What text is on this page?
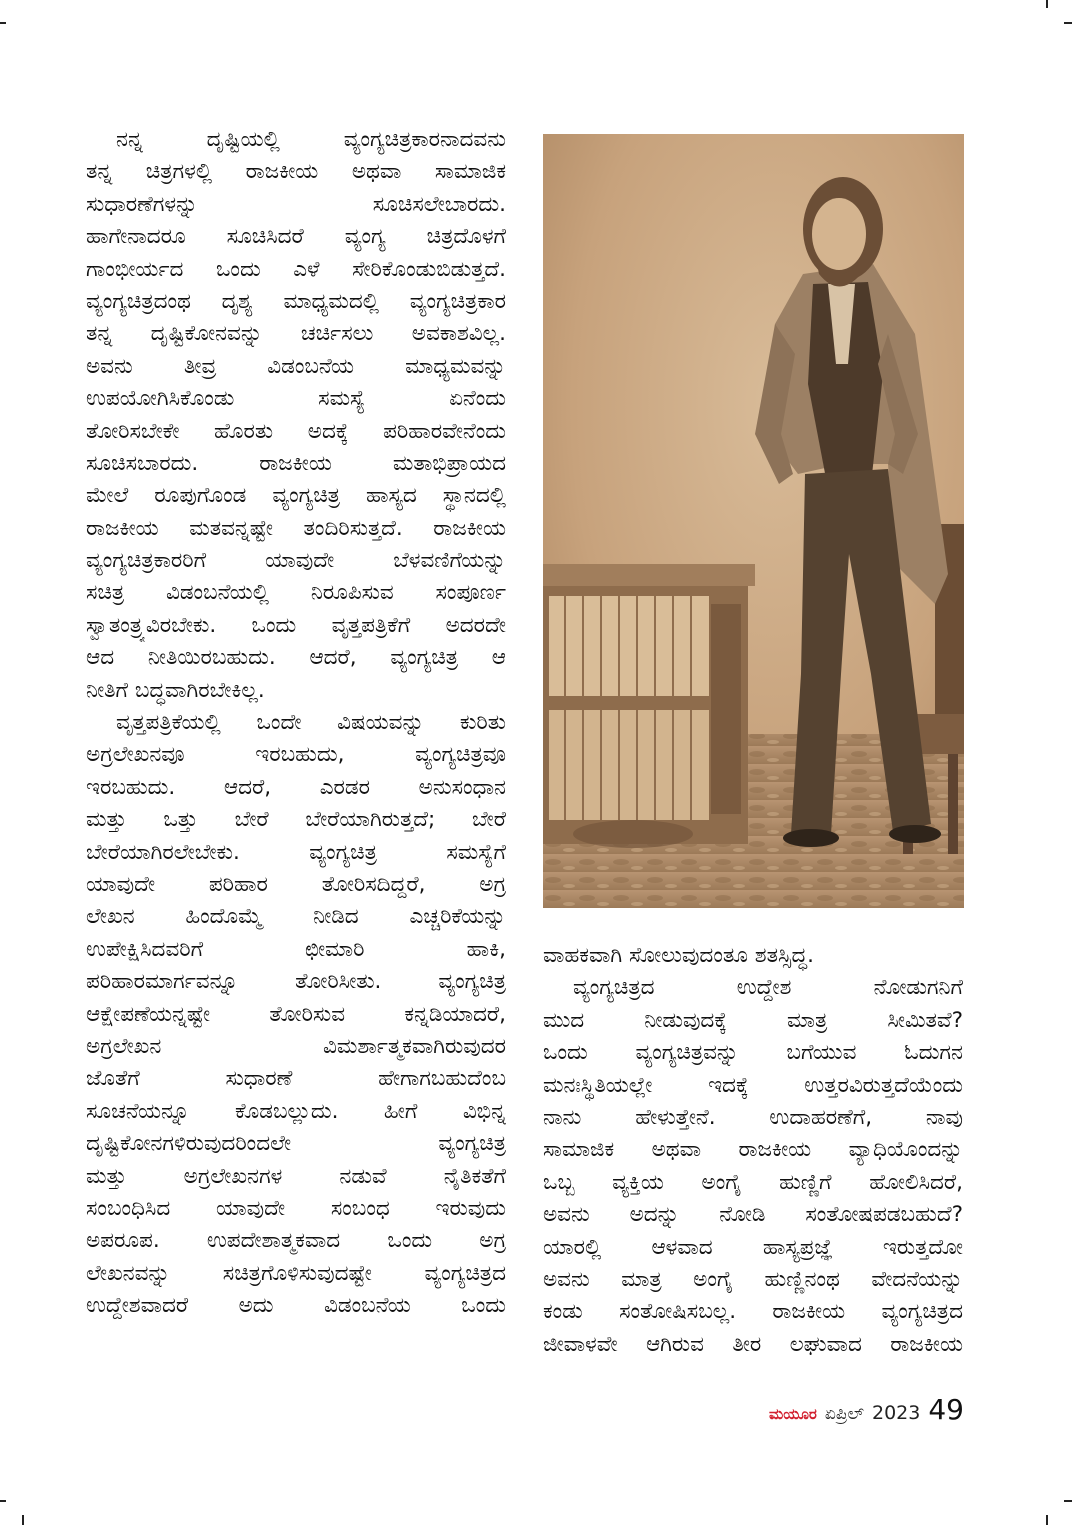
ನನ್ನ ದೃಷ್ಟಿಯಲ್ಲಿ ವ್ಯಂಗ್ಯಚಿತ್ರಕಾರನಾದವನು
ತನ್ನ ಚಿತ್ರಗಳಲ್ಲಿ ರಾಜಕೀಯ ಅಥವಾ ಸಾಮಾಜಿಕ
ಸುಧಾರಣೆಗಳನ್ನು ಸೂಚಿಸಲೇಬಾರದು.
ಹಾಗೇನಾದರೂ ಸೂಚಿಸಿದರೆ ವ್ಯಂಗ್ಯ ಚಿತ್ರದೊಳಗೆ
ಗಾಂಭೀರ್ಯದ ಒಂದು ಎಳೆ ಸೇರಿಕೊಂಡುಬಿಡುತ್ತದೆ.
ವ್ಯಂಗ್ಯಚಿತ್ರದಂಥ ದೃಶ್ಯ ಮಾಧ್ಯಮದಲ್ಲಿ ವ್ಯಂಗ್ಯಚಿತ್ರಕಾರ
ತನ್ನ ದೃಷ್ಟಿಕೋನವನ್ನು ಚರ್ಚಿಸಲು ಅವಕಾಶವಿಲ್ಲ.
ಅವನು ತೀವ್ರ ವಿಡಂಬನೆಯ ಮಾಧ್ಯಮವನ್ನು
ಉಪಯೋಗಿಸಿಕೊಂಡು ಸಮಸ್ಯೆ ಏನೆಂದು
ತೋರಿಸಬೇಕೇ ಹೊರತು ಅದಕ್ಕೆ ಪರಿಹಾರವೇನೆಂದು
ಸೂಚಿಸಬಾರದು. ರಾಜಕೀಯ ಮತಾಭಿಪ್ರಾಯದ
ಮೇಲೆ ರೂಪುಗೊಂಡ ವ್ಯಂಗ್ಯಚಿತ್ರ ಹಾಸ್ಯದ ಸ್ಥಾನದಲ್ಲಿ
ರಾಜಕೀಯ ಮತವನ್ನಷ್ಟೇ ತಂದಿರಿಸುತ್ತದೆ. ರಾಜಕೀಯ
ವ್ಯಂಗ್ಯಚಿತ್ರಕಾರರಿಗೆ ಯಾವುದೇ ಬೆಳವಣಿಗೆಯನ್ನು
ಸಚಿತ್ರ ವಿಡಂಬನೆಯಲ್ಲಿ ನಿರೂಪಿಸುವ ಸಂಪೂರ್ಣ
ಸ್ವಾತಂತ್ರ್ಯವಿರಬೇಕು. ಒಂದು ವೃತ್ತಪತ್ರಿಕೆಗೆ ಅದರದೇ
ಆದ ನೀತಿಯಿರಬಹುದು. ಆದರೆ, ವ್ಯಂಗ್ಯಚಿತ್ರ ಆ
ನೀತಿಗೆ ಬದ್ಧವಾಗಿರಬೇಕಿಲ್ಲ.
ವೃತ್ತಪತ್ರಿಕೆಯಲ್ಲಿ ಒಂದೇ ವಿಷಯವನ್ನು ಕುರಿತು
ಅಗ್ರಲೇಖನವೂ ಇರಬಹುದು, ವ್ಯಂಗ್ಯಚಿತ್ರವೂ
ಇರಬಹುದು. ಆದರೆ, ಎರಡರ ಅನುಸಂಧಾನ
ಮತ್ತು ಒತ್ತು ಬೇರೆ ಬೇರೆಯಾಗಿರುತ್ತದೆ; ಬೇರೆ
ಬೇರೆಯಾಗಿರಲೇಬೇಕು. ವ್ಯಂಗ್ಯಚಿತ್ರ ಸಮಸ್ಯೆಗೆ
ಯಾವುದೇ ಪರಿಹಾರ ತೋರಿಸದಿದ್ದರೆ, ಅಗ್ರ
ಲೇಖನ ಹಿಂದೊಮ್ಮೆ ನೀಡಿದ ಎಚ್ಚರಿಕೆಯನ್ನು
ಉಪೇಕ್ಷಿಸಿದವರಿಗೆ ಛೀಮಾರಿ ಹಾಕಿ,
ಪರಿಹಾರಮಾರ್ಗವನ್ನೂ ತೋರಿಸೀತು. ವ್ಯಂಗ್ಯಚಿತ್ರ
ಆಕ್ಷೇಪಣೆಯನ್ನಷ್ಟೇ ತೋರಿಸುವ ಕನ್ನಡಿಯಾದರೆ,
ಅಗ್ರಲೇಖನ ವಿಮರ್ಶಾತ್ಮಕವಾಗಿರುವುದರ
ಜೊತೆಗೆ ಸುಧಾರಣೆ ಹೇಗಾಗಬಹುದೆಂಬ
ಸೂಚನೆಯನ್ನೂ ಕೊಡಬಲ್ಲುದು. ಹೀಗೆ ವಿಭಿನ್ನ
ದೃಷ್ಟಿಕೋನಗಳಿರುವುದರಿಂದಲೇ ವ್ಯಂಗ್ಯಚಿತ್ರ
ಮತ್ತು ಅಗ್ರಲೇಖನಗಳ ನಡುವೆ ನೈತಿಕತೆಗೆ
ಸಂಬಂಧಿಸಿದ ಯಾವುದೇ ಸಂಬಂಧ ಇರುವುದು
ಅಪರೂಪ. ಉಪದೇಶಾತ್ಮಕವಾದ ಒಂದು ಅಗ್ರ
ಲೇಖನವನ್ನು ಸಚಿತ್ರಗೊಳಿಸುವುದಷ್ಟೇ ವ್ಯಂಗ್ಯಚಿತ್ರದ
ಉದ್ದೇಶವಾದರೆ ಅದು ವಿಡಂಬನೆಯ ಒಂದು
ವಾಹಕವಾಗಿ ಸೋಲುವುದಂತೂ ಶತಸ್ಸಿದ್ಧ.
ವ್ಯಂಗ್ಯಚಿತ್ರದ ಉದ್ದೇಶ ನೋಡುಗನಿಗೆ
ಮುದ ನೀಡುವುದಕ್ಕೆ ಮಾತ್ರ ಸೀಮಿತವೆ?
ಒಂದು ವ್ಯಂಗ್ಯಚಿತ್ರವನ್ನು ಬಗೆಯುವ ಓದುಗನ
ಮನಃಸ್ಥಿತಿಯಲ್ಲೇ ಇದಕ್ಕೆ ಉತ್ತರವಿರುತ್ತದೆಯೆಂದು
ನಾನು ಹೇಳುತ್ತೇನೆ. ಉದಾಹರಣೆಗೆ, ನಾವು
ಸಾಮಾಜಿಕ ಅಥವಾ ರಾಜಕೀಯ ವ್ಯಾಧಿಯೊಂದನ್ನು
ಒಬ್ಬ ವ್ಯಕ್ತಿಯ ಅಂಗೈ ಹುಣ್ಣಿಗೆ ಹೋಲಿಸಿದರೆ,
ಅವನು ಅದನ್ನು ನೋಡಿ ಸಂತೋಷಪಡಬಹುದೆ?
ಯಾರಲ್ಲಿ ಆಳವಾದ ಹಾಸ್ಯಪ್ರಜ್ಞೆ ಇರುತ್ತದೋ
ಅವನು ಮಾತ್ರ ಅಂಗೈ ಹುಣ್ಣಿನಂಥ ವೇದನೆಯನ್ನು
ಕಂಡು ಸಂತೋಷಿಸಬಲ್ಲ. ರಾಜಕೀಯ ವ್ಯಂಗ್ಯಚಿತ್ರದ
ಜೀವಾಳವೇ ಆಗಿರುವ ತೀರ ಲಘುವಾದ ರಾಜಕೀಯ
ಮಯೂರ ಏಪ್ರಿಲ್ 2023 49
